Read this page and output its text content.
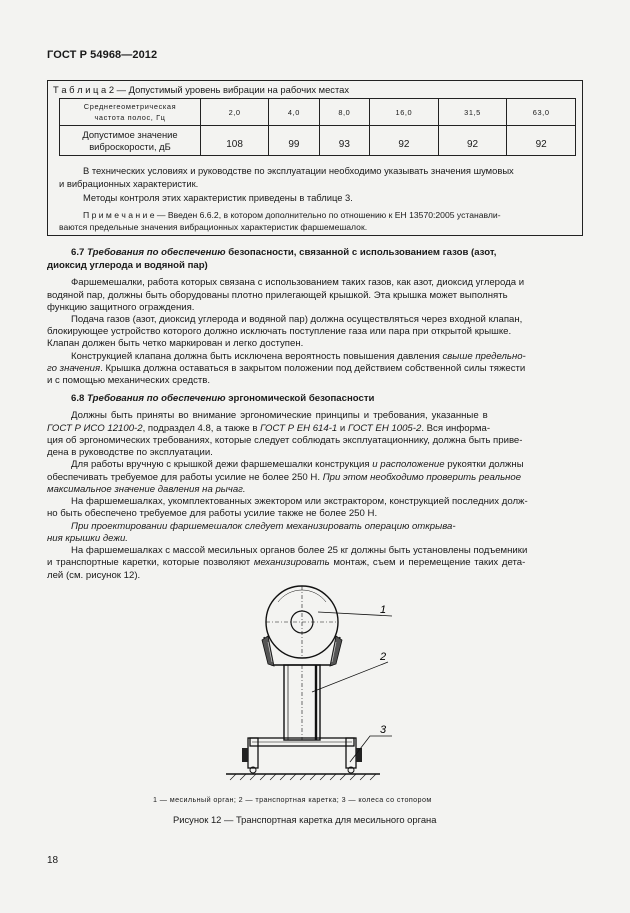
ГОСТ Р 54968—2012
Т а б л и ц а 2 — Допустимый уровень вибрации на рабочих местах
Среднегеометрическая
частота полос, Гц	2,0	4,0	8,0	16,0	31,5	63,0
Допустимое значение
виброскорости, дБ	108	99	93	92	92	92
В технических условиях и руководстве по эксплуатации необходимо указывать значения шумовых
и вибрационных характеристик.
Методы контроля этих характеристик приведены в таблице 3.
П р и м е ч а н и е — Введен 6.6.2, в котором дополнительно по отношению к ЕН 13570:2005 устанавли-
ваются предельные значения вибрационных характеристик фаршемешалок.
6.7 Требования по обеспечению безопасности, связанной с использованием газов (азот,
диоксид углерода и водяной пар)
Фаршемешалки, работа которых связана с использованием таких газов, как азот, диоксид углерода и
водяной пар, должны быть оборудованы плотно прилегающей крышкой. Эта крышка может выполнять
функцию защитного ограждения.
Подача газов (азот, диоксид углерода и водяной пар) должна осуществляться через входной клапан,
блокирующее устройство которого должно исключать поступление газа или пара при открытой крышке.
Клапан должен быть четко маркирован и легко доступен.
Конструкцией клапана должна быть исключена вероятность повышения давления свыше предельно-
го значения. Крышка должна оставаться в закрытом положении под действием собственной силы тяжести
и с помощью механических средств.
6.8 Требования по обеспечению эргономической безопасности
Должны быть приняты во внимание эргономические принципы и требования, указанные в
ГОСТ Р ИСО 12100-2, подраздел 4.8, а также в ГОСТ Р ЕН 614-1 и ГОСТ ЕН 1005-2. Вся информа-
ция об эргономических требованиях, которые следует соблюдать эксплуатационнику, должна быть приве-
дена в руководстве по эксплуатации.
Для работы вручную с крышкой дежи фаршемешалки конструкция и расположение рукоятки должны
обеспечивать требуемое для работы усилие не более 250 Н. При этом необходимо проверить реальное
максимальное значение давления на рычаг.
На фаршемешалках, укомплектованных эжектором или экстрактором, конструкцией последних долж-
но быть обеспечено требуемое для работы усилие также не более 250 Н.
При проектировании фаршемешалок следует механизировать операцию открыва-
ния крышки дежи.
На фаршемешалках с массой месильных органов более 25 кг должны быть установлены подъемники
и транспортные каретки, которые позволяют механизировать монтаж, съем и перемещение таких дета-
лей (см. рисунок 12).
1
2
3
1 — месильный орган; 2 — транспортная каретка; 3 — колеса со стопором
Рисунок 12 — Транспортная каретка для месильного органа
18
